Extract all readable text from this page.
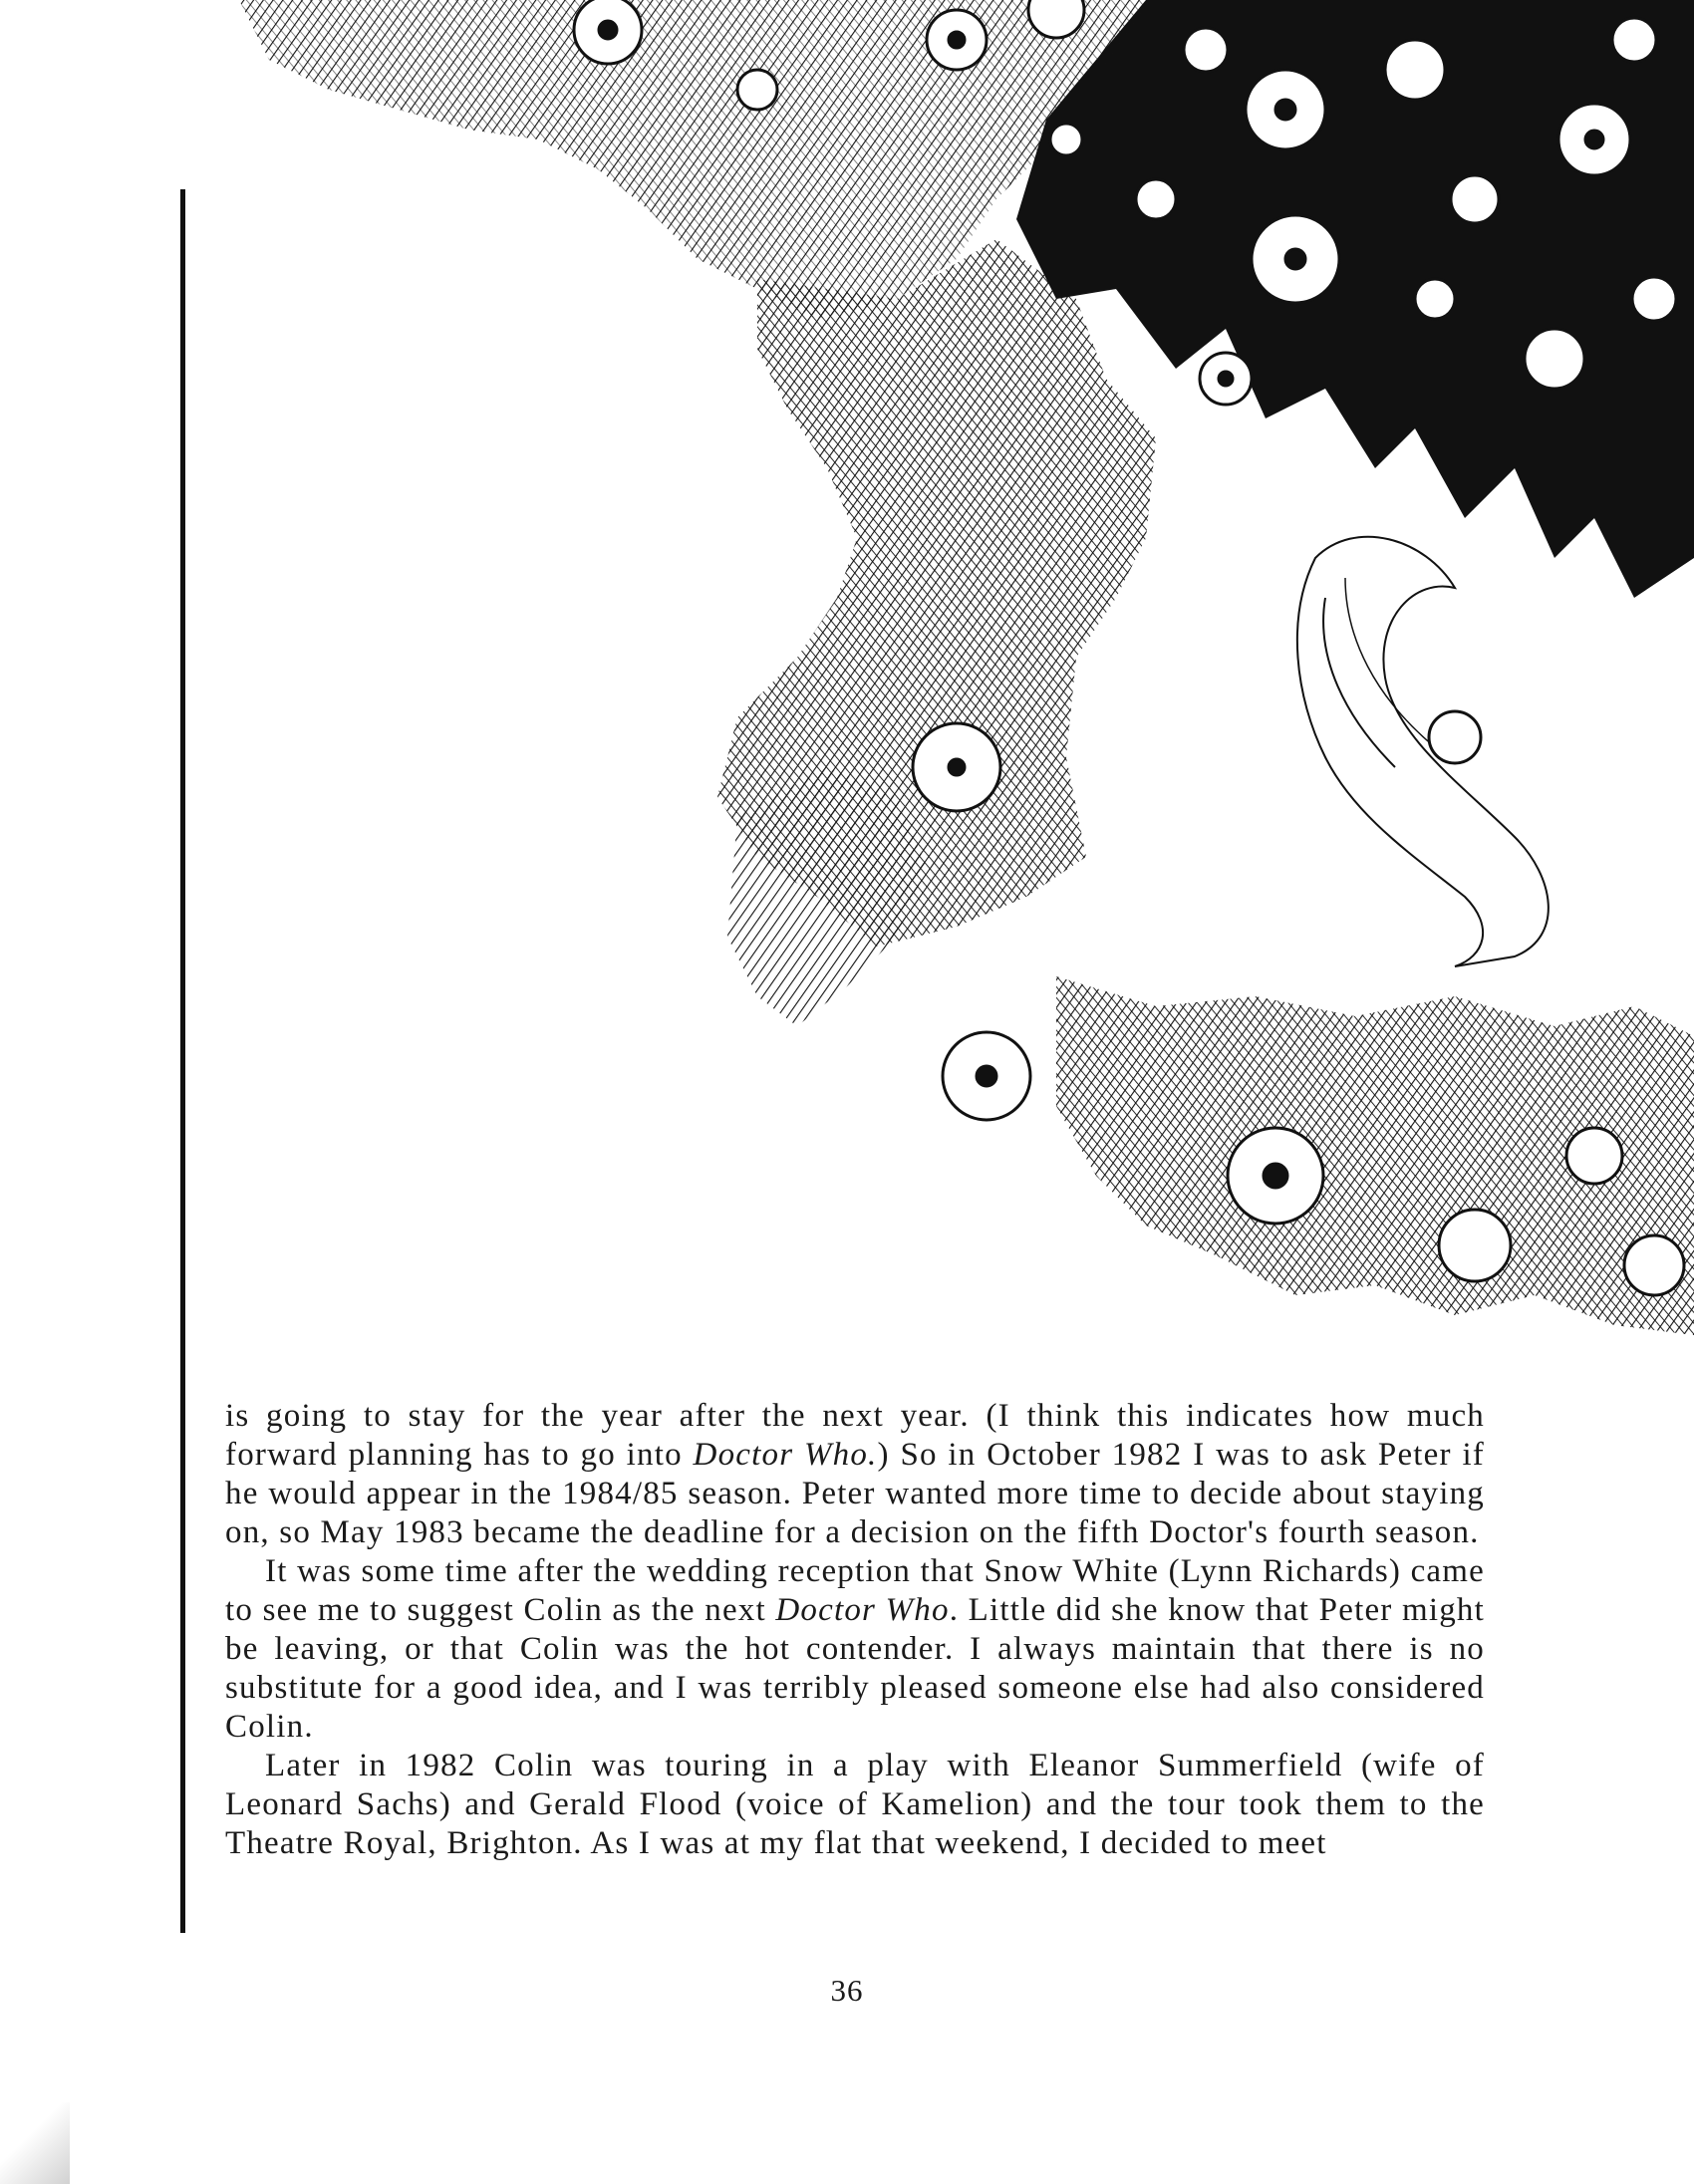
is going to stay for the year after the next year. (I think this indicates how much forward planning has to go into Doctor Who.) So in October 1982 I was to ask Peter if he would appear in the 1984/85 season. Peter wanted more time to decide about staying on, so May 1983 became the deadline for a decision on the fifth Doctor's fourth season.

It was some time after the wedding reception that Snow White (Lynn Richards) came to see me to suggest Colin as the next Doctor Who. Little did she know that Peter might be leaving, or that Colin was the hot contender. I always maintain that there is no substitute for a good idea, and I was terribly pleased someone else had also considered Colin.

Later in 1982 Colin was touring in a play with Eleanor Summerfield (wife of Leonard Sachs) and Gerald Flood (voice of Kamelion) and the tour took them to the Theatre Royal, Brighton. As I was at my flat that weekend, I decided to meet

36
